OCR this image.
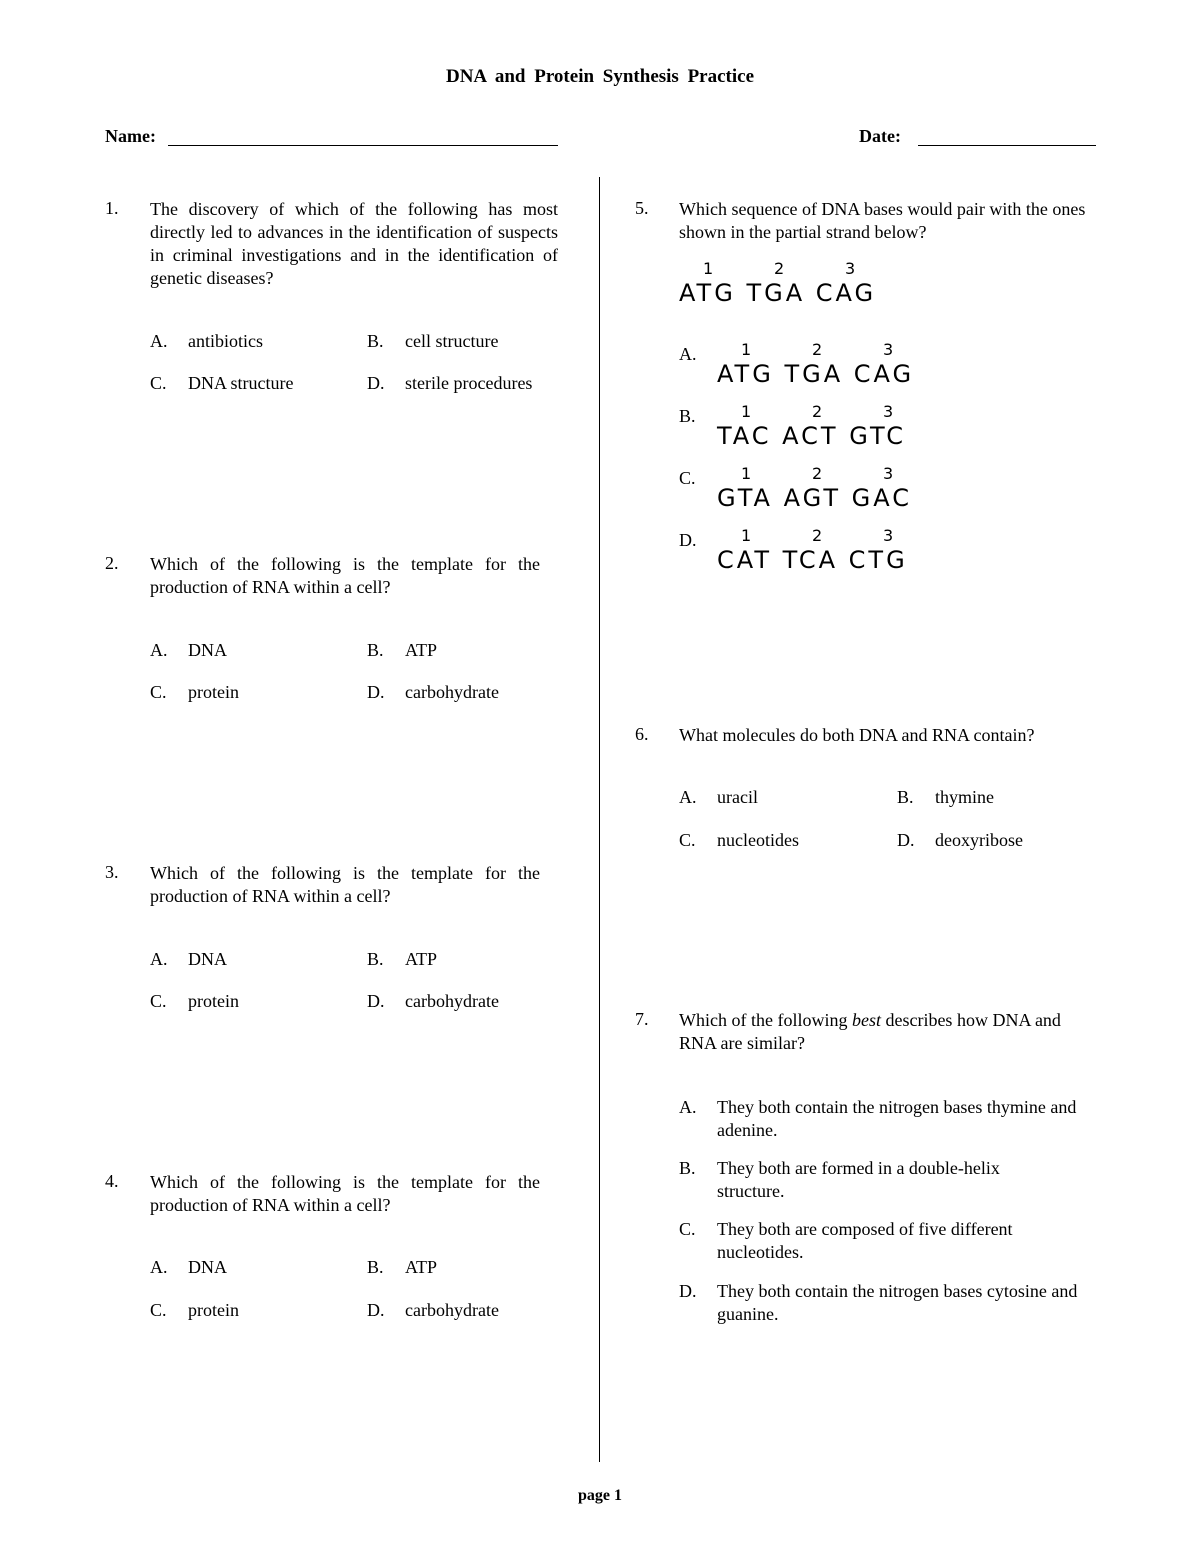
DNA and Protein Synthesis Practice
Name:	Date:
1. The discovery of which of the following has most directly led to advances in the identification of suspects in criminal investigations and in the identification of genetic diseases?
A. antibiotics	B. cell structure
C. DNA structure	D. sterile procedures
2. Which of the following is the template for the production of RNA within a cell?
A. DNA	B. ATP
C. protein	D. carbohydrate
3. Which of the following is the template for the production of RNA within a cell?
A. DNA	B. ATP
C. protein	D. carbohydrate
4. Which of the following is the template for the production of RNA within a cell?
A. DNA	B. ATP
C. protein	D. carbohydrate
5. Which sequence of DNA bases would pair with the ones shown in the partial strand below?
1	2	3
ATG TGA CAG
A.	1	2	3
ATG TGA CAG
B.	1	2	3
TAC ACT GTC
C.	1	2	3
GTA AGT GAC
D.	1	2	3
CAT TCA CTG
6. What molecules do both DNA and RNA contain?
A. uracil	B. thymine
C. nucleotides	D. deoxyribose
7. Which of the following best describes how DNA and RNA are similar?
A. They both contain the nitrogen bases thymine and adenine.
B. They both are formed in a double-helix structure.
C. They both are composed of five different nucleotides.
D. They both contain the nitrogen bases cytosine and guanine.
page 1
